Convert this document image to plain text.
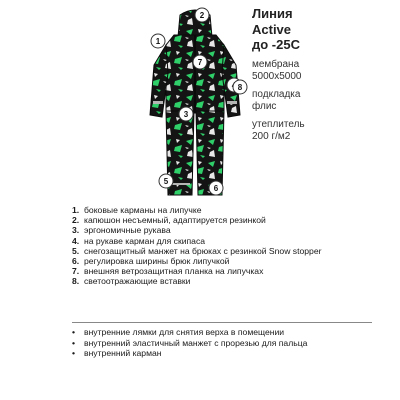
Линия
Active
до -25С
мембрана
5000х5000
подкладка
флис
утеплитель
200 г/м2
1
2
3
5
6
7
8
1. боковые карманы на липучке
2. капюшон несъемный, адаптируется резинкой
3. эргономичные рукава
4. на рукаве карман для скипаса
5. снегозащитный манжет на брюках с резинкой Snow stopper
6. регулировка ширины брюк липучкой
7. внешняя ветрозащитная планка на липучках
8. светоотражающие вставки
•	внутренние лямки для снятия верха в помещении
•	внутренний эластичный манжет с прорезью для пальца
•	внутренний карман
